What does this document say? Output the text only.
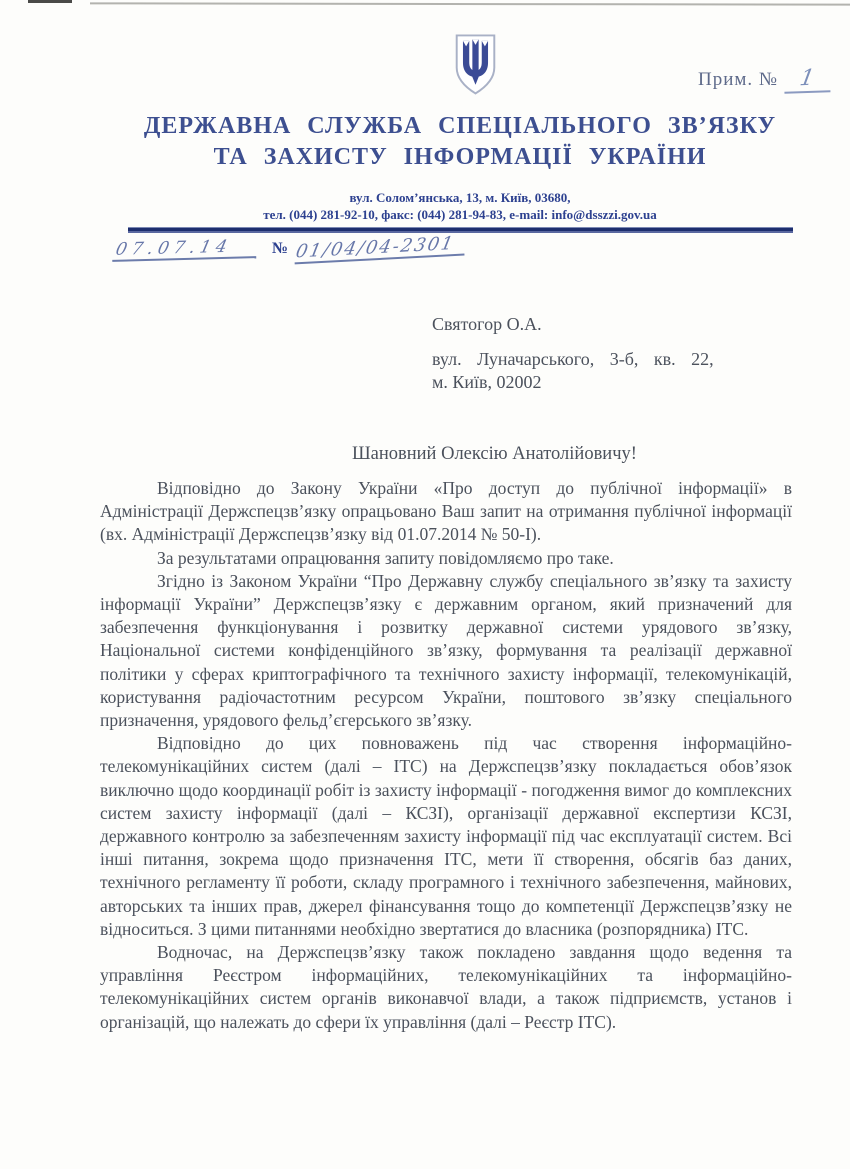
Прим. № 1
ДЕРЖАВНА СЛУЖБА СПЕЦІАЛЬНОГО ЗВ’ЯЗКУ
ТА ЗАХИСТУ ІНФОРМАЦІЇ УКРАЇНИ
вул. Солом’янська, 13, м. Київ, 03680,
тел. (044) 281-92-10, факс: (044) 281-94-83, e-mail: info@dsszzi.gov.ua
07.07.14 № 01/04/04-2301

Святогор О.А.

вул. Луначарського, 3-б, кв. 22,

м. Київ, 02002

Шановний Олексію Анатолійовичу!

Відповідно до Закону України «Про доступ до публічної інформації» в Адміністрації Держспецзв’язку опрацьовано Ваш запит на отримання публічної інформації (вх. Адміністрації Держспецзв’язку від 01.07.2014 № 50-І).

За результатами опрацювання запиту повідомляємо про таке.

Згідно із Законом України “Про Державну службу спеціального зв’язку та захисту інформації України” Держспецзв’язку є державним органом, який призначений для забезпечення функціонування і розвитку державної системи урядового зв’язку, Національної системи конфіденційного зв’язку, формування та реалізації державної політики у сферах криптографічного та технічного захисту інформації, телекомунікацій, користування радіочастотним ресурсом України, поштового зв’язку спеціального призначення, урядового фельд’єгерського зв’язку.

Відповідно до цих повноважень під час створення інформаційно-телекомунікаційних систем (далі – ІТС) на Держспецзв’язку покладається обов’язок виключно щодо координації робіт із захисту інформації - погодження вимог до комплексних систем захисту інформації (далі – КСЗІ), організації державної експертизи КСЗІ, державного контролю за забезпеченням захисту інформації під час експлуатації систем. Всі інші питання, зокрема щодо призначення ІТС, мети її створення, обсягів баз даних, технічного регламенту її роботи, складу програмного і технічного забезпечення, майнових, авторських та інших прав, джерел фінансування тощо до компетенції Держспецзв’язку не відноситься. З цими питаннями необхідно звертатися до власника (розпорядника) ІТС.

Водночас, на Держспецзв’язку також покладено завдання щодо ведення та управління Реєстром інформаційних, телекомунікаційних та інформаційно-телекомунікаційних систем органів виконавчої влади, а також підприємств, установ і організацій, що належать до сфери їх управління (далі – Реєстр ІТС).
